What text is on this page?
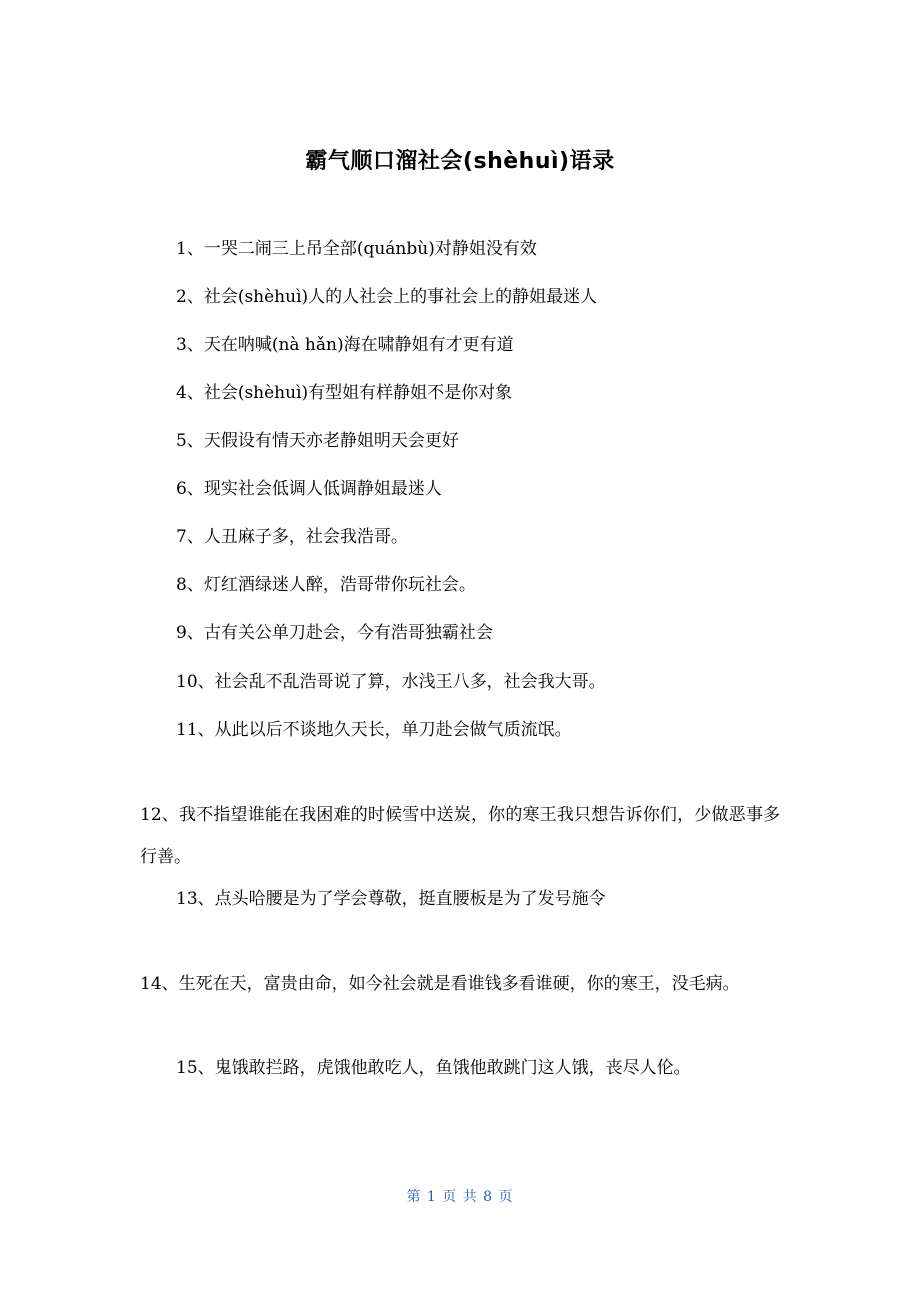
霸气顺口溜社会(shèhuì)语录
1、一哭二闹三上吊全部(quánbù)对静姐没有效
2、社会(shèhuì)人的人社会上的事社会上的静姐最迷人
3、天在呐喊(nà hǎn)海在啸静姐有才更有道
4、社会(shèhuì)有型姐有样静姐不是你对象
5、天假设有情天亦老静姐明天会更好
6、现实社会低调人低调静姐最迷人
7、人丑麻子多，社会我浩哥。
8、灯红酒绿迷人醉，浩哥带你玩社会。
9、古有关公单刀赴会，今有浩哥独霸社会
10、社会乱不乱浩哥说了算，水浅王八多，社会我大哥。
11、从此以后不谈地久天长，单刀赴会做气质流氓。
12、我不指望谁能在我困难的时候雪中送炭，你的寒王我只想告诉你们，少做恶事多行善。
13、点头哈腰是为了学会尊敬，挺直腰板是为了发号施令
14、生死在天，富贵由命，如今社会就是看谁钱多看谁硬，你的寒王，没毛病。
15、鬼饿敢拦路，虎饿他敢吃人，鱼饿他敢跳门这人饿，丧尽人伦。
第 1 页 共 8 页
